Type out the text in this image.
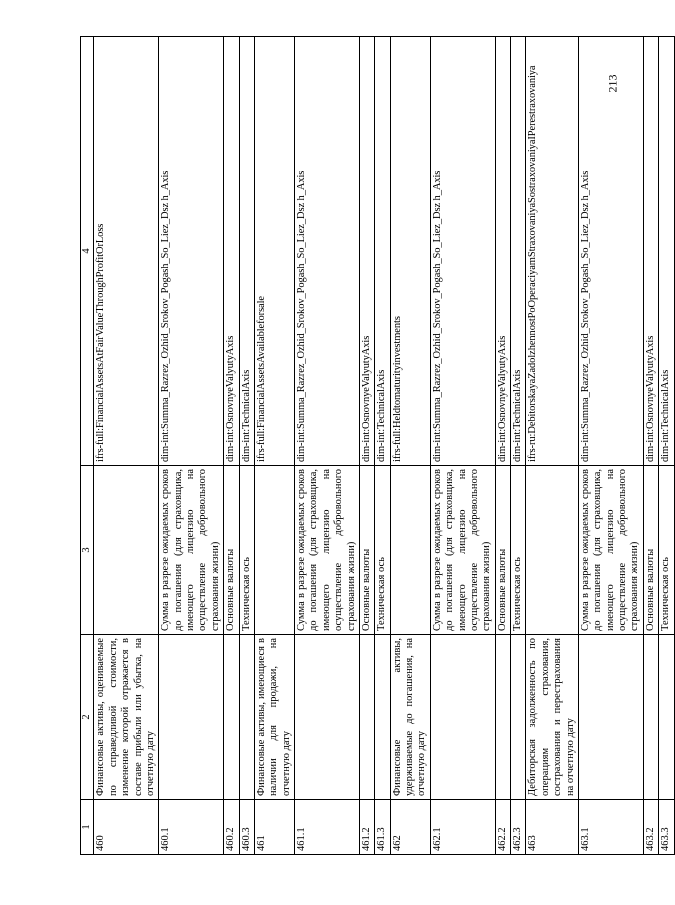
1	2	3	4
460	Финансовые активы, оцениваемые по справедливой стоимости, изменение которой отражается в составе прибыли или убытка, на отчетную дату		ifrs-full:FinancialAssetsAtFairValueThroughProfitOrLoss
460.1		Сумма в разрезе ожидаемых сроков до погашения (для страховщика, имеющего лицензию на осуществление добровольного страхования жизни)	dim-int:Summa_Razrez_Ozhid_Srokov_Pogash_So_Liez_Dsz h_Axis
460.2		Основные валюты	dim-int:OsnovnyeValyutyAxis
460.3		Техническая ось	dim-int:TechnicalAxis
461	Финансовые активы, имеющиеся в наличии для продажи, на отчетную дату		ifrs-full:FinancialAssetsAvailableforsale
461.1		Сумма в разрезе ожидаемых сроков до погашения (для страховщика, имеющего лицензию на осуществление добровольного страхования жизни)	dim-int:Summa_Razrez_Ozhid_Srokov_Pogash_So_Liez_Dsz h_Axis
461.2		Основные валюты	dim-int:OsnovnyeValyutyAxis
461.3		Техническая ось	dim-int:TechnicalAxis
462	Финансовые активы, удерживаемые до погашения, на отчетную дату		ifrs-full:Heldtomaturityinvestments
462.1		Сумма в разрезе ожидаемых сроков до погашения (для страховщика, имеющего лицензию на осуществление добровольного страхования жизни)	dim-int:Summa_Razrez_Ozhid_Srokov_Pogash_So_Liez_Dsz h_Axis
462.2		Основные валюты	dim-int:OsnovnyeValyutyAxis
462.3		Техническая ось	dim-int:TechnicalAxis
463	Дебиторская задолженность по операциям страхования, сострахования и перестрахования на отчетную дату		ifrs-ru:DebitorskayaZadolzhennostPoOperaciyamStraxovaniyaSostraxovaniyaIPerestraxovaniya
463.1		Сумма в разрезе ожидаемых сроков до погашения (для страховщика, имеющего лицензию на осуществление добровольного страхования жизни)	dim-int:Summa_Razrez_Ozhid_Srokov_Pogash_So_Liez_Dsz h_Axis
463.2		Основные валюты	dim-int:OsnovnyeValyutyAxis
463.3		Техническая ось	dim-int:TechnicalAxis
213
